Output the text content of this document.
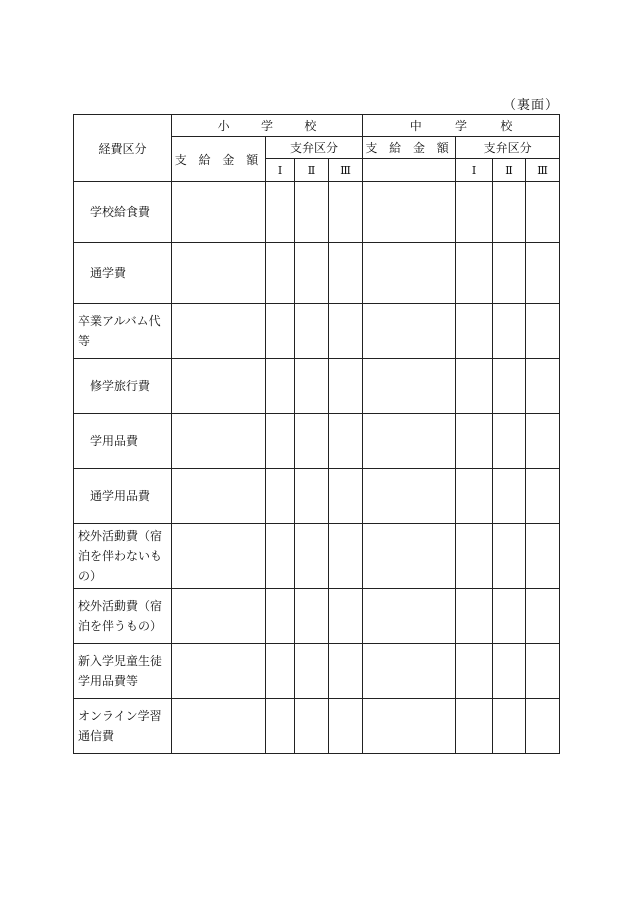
（裏面）
経費区分	小 学 校				中 学 校			

	支 給 金 額	支弁区分			支 給 金 額	支弁区分		
		Ⅰ	Ⅱ	Ⅲ		Ⅰ	Ⅱ	Ⅲ
学校給食費								
通学費								
卒業アルバム代等								
修学旅行費								
学用品費								
通学用品費								
校外活動費（宿泊を伴わないもの）								
校外活動費（宿泊を伴うもの）								
新入学児童生徒学用品費等								
オンライン学習通信費								
